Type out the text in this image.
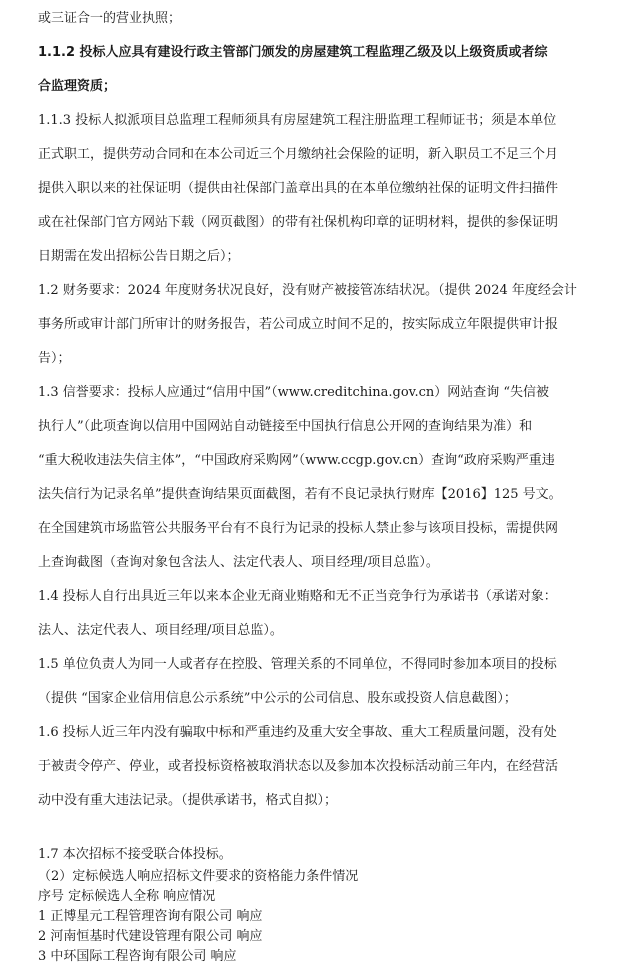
或三证合一的营业执照；
1.1.2 投标人应具有建设行政主管部门颁发的房屋建筑工程监理乙级及以上级资质或者综
合监理资质；
1.1.3 投标人拟派项目总监理工程师须具有房屋建筑工程注册监理工程师证书；须是本单位
正式职工，提供劳动合同和在本公司近三个月缴纳社会保险的证明，新入职员工不足三个月
提供入职以来的社保证明（提供由社保部门盖章出具的在本单位缴纳社保的证明文件扫描件
或在社保部门官方网站下载（网页截图）的带有社保机构印章的证明材料，提供的参保证明
日期需在发出招标公告日期之后）；
1.2 财务要求：2024 年度财务状况良好，没有财产被接管冻结状况。（提供 2024 年度经会计
事务所或审计部门所审计的财务报告，若公司成立时间不足的，按实际成立年限提供审计报
告）；
1.3 信誉要求：投标人应通过“信用中国”（www.creditchina.gov.cn）网站查询 “失信被
执行人”（此项查询以信用中国网站自动链接至中国执行信息公开网的查询结果为准）和
“重大税收违法失信主体”，“中国政府采购网”（www.ccgp.gov.cn）查询“政府采购严重违
法失信行为记录名单”提供查询结果页面截图，若有不良记录执行财库【2016】125 号文。
在全国建筑市场监管公共服务平台有不良行为记录的投标人禁止参与该项目投标，需提供网
上查询截图（查询对象包含法人、法定代表人、项目经理/项目总监）。
1.4 投标人自行出具近三年以来本企业无商业贿赂和无不正当竞争行为承诺书（承诺对象：
法人、法定代表人、项目经理/项目总监）。
1.5 单位负责人为同一人或者存在控股、管理关系的不同单位，不得同时参加本项目的投标
（提供 “国家企业信用信息公示系统”中公示的公司信息、股东或投资人信息截图）；
1.6 投标人近三年内没有骗取中标和严重违约及重大安全事故、重大工程质量问题，没有处
于被责令停产、停业，或者投标资格被取消状态以及参加本次投标活动前三年内，在经营活
动中没有重大违法记录。（提供承诺书，格式自拟）；
1.7 本次招标不接受联合体投标。
（2）定标候选人响应招标文件要求的资格能力条件情况
序号 定标候选人全称 响应情况
1 正博星元工程管理咨询有限公司 响应
2 河南恒基时代建设管理有限公司 响应
3 中环国际工程咨询有限公司 响应
